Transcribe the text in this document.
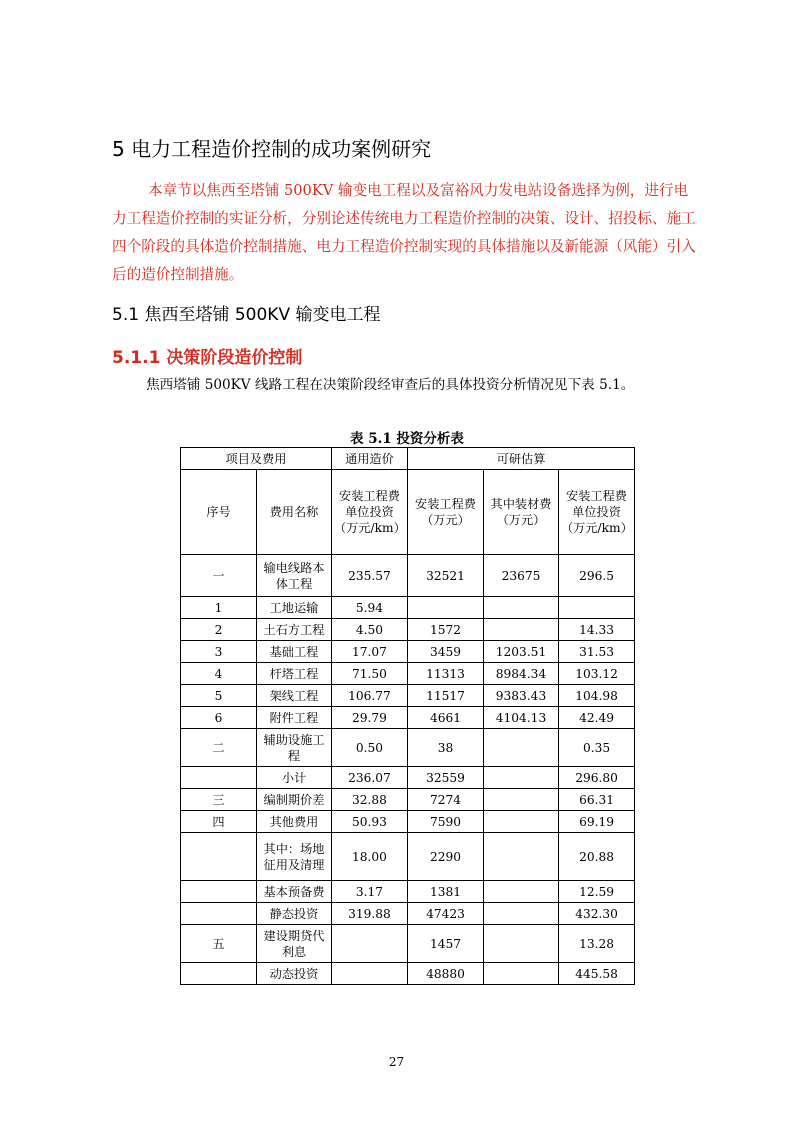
5 电力工程造价控制的成功案例研究
本章节以焦西至塔铺 500KV 输变电工程以及富裕风力发电站设备选择为例，进行电力工程造价控制的实证分析，分别论述传统电力工程造价控制的决策、设计、招投标、施工四个阶段的具体造价控制措施、电力工程造价控制实现的具体措施以及新能源（风能）引入后的造价控制措施。
5.1 焦西至塔铺 500KV 输变电工程
5.1.1 决策阶段造价控制
焦西塔铺 500KV 线路工程在决策阶段经审查后的具体投资分析情况见下表 5.1。
表 5.1 投资分析表
项目及费用		通用造价	可研估算		
序号	费用名称	安装工程费单位投资（万元/km）	安装工程费（万元）	其中装材费（万元）	安装工程费单位投资（万元/km）
一	输电线路本体工程	235.57	32521	23675	296.5
1	工地运输	5.94			
2	土石方工程	4.50	1572		14.33
3	基础工程	17.07	3459	1203.51	31.53
4	杆塔工程	71.50	11313	8984.34	103.12
5	架线工程	106.77	11517	9383.43	104.98
6	附件工程	29.79	4661	4104.13	42.49
二	辅助设施工程	0.50	38		0.35
	小计	236.07	32559		296.80
三	编制期价差	32.88	7274		66.31
四	其他费用	50.93	7590		69.19
	其中：场地征用及清理	18.00	2290		20.88
	基本预备费	3.17	1381		12.59
	静态投资	319.88	47423		432.30
五	建设期贷代利息		1457		13.28
	动态投资		48880		445.58
27
